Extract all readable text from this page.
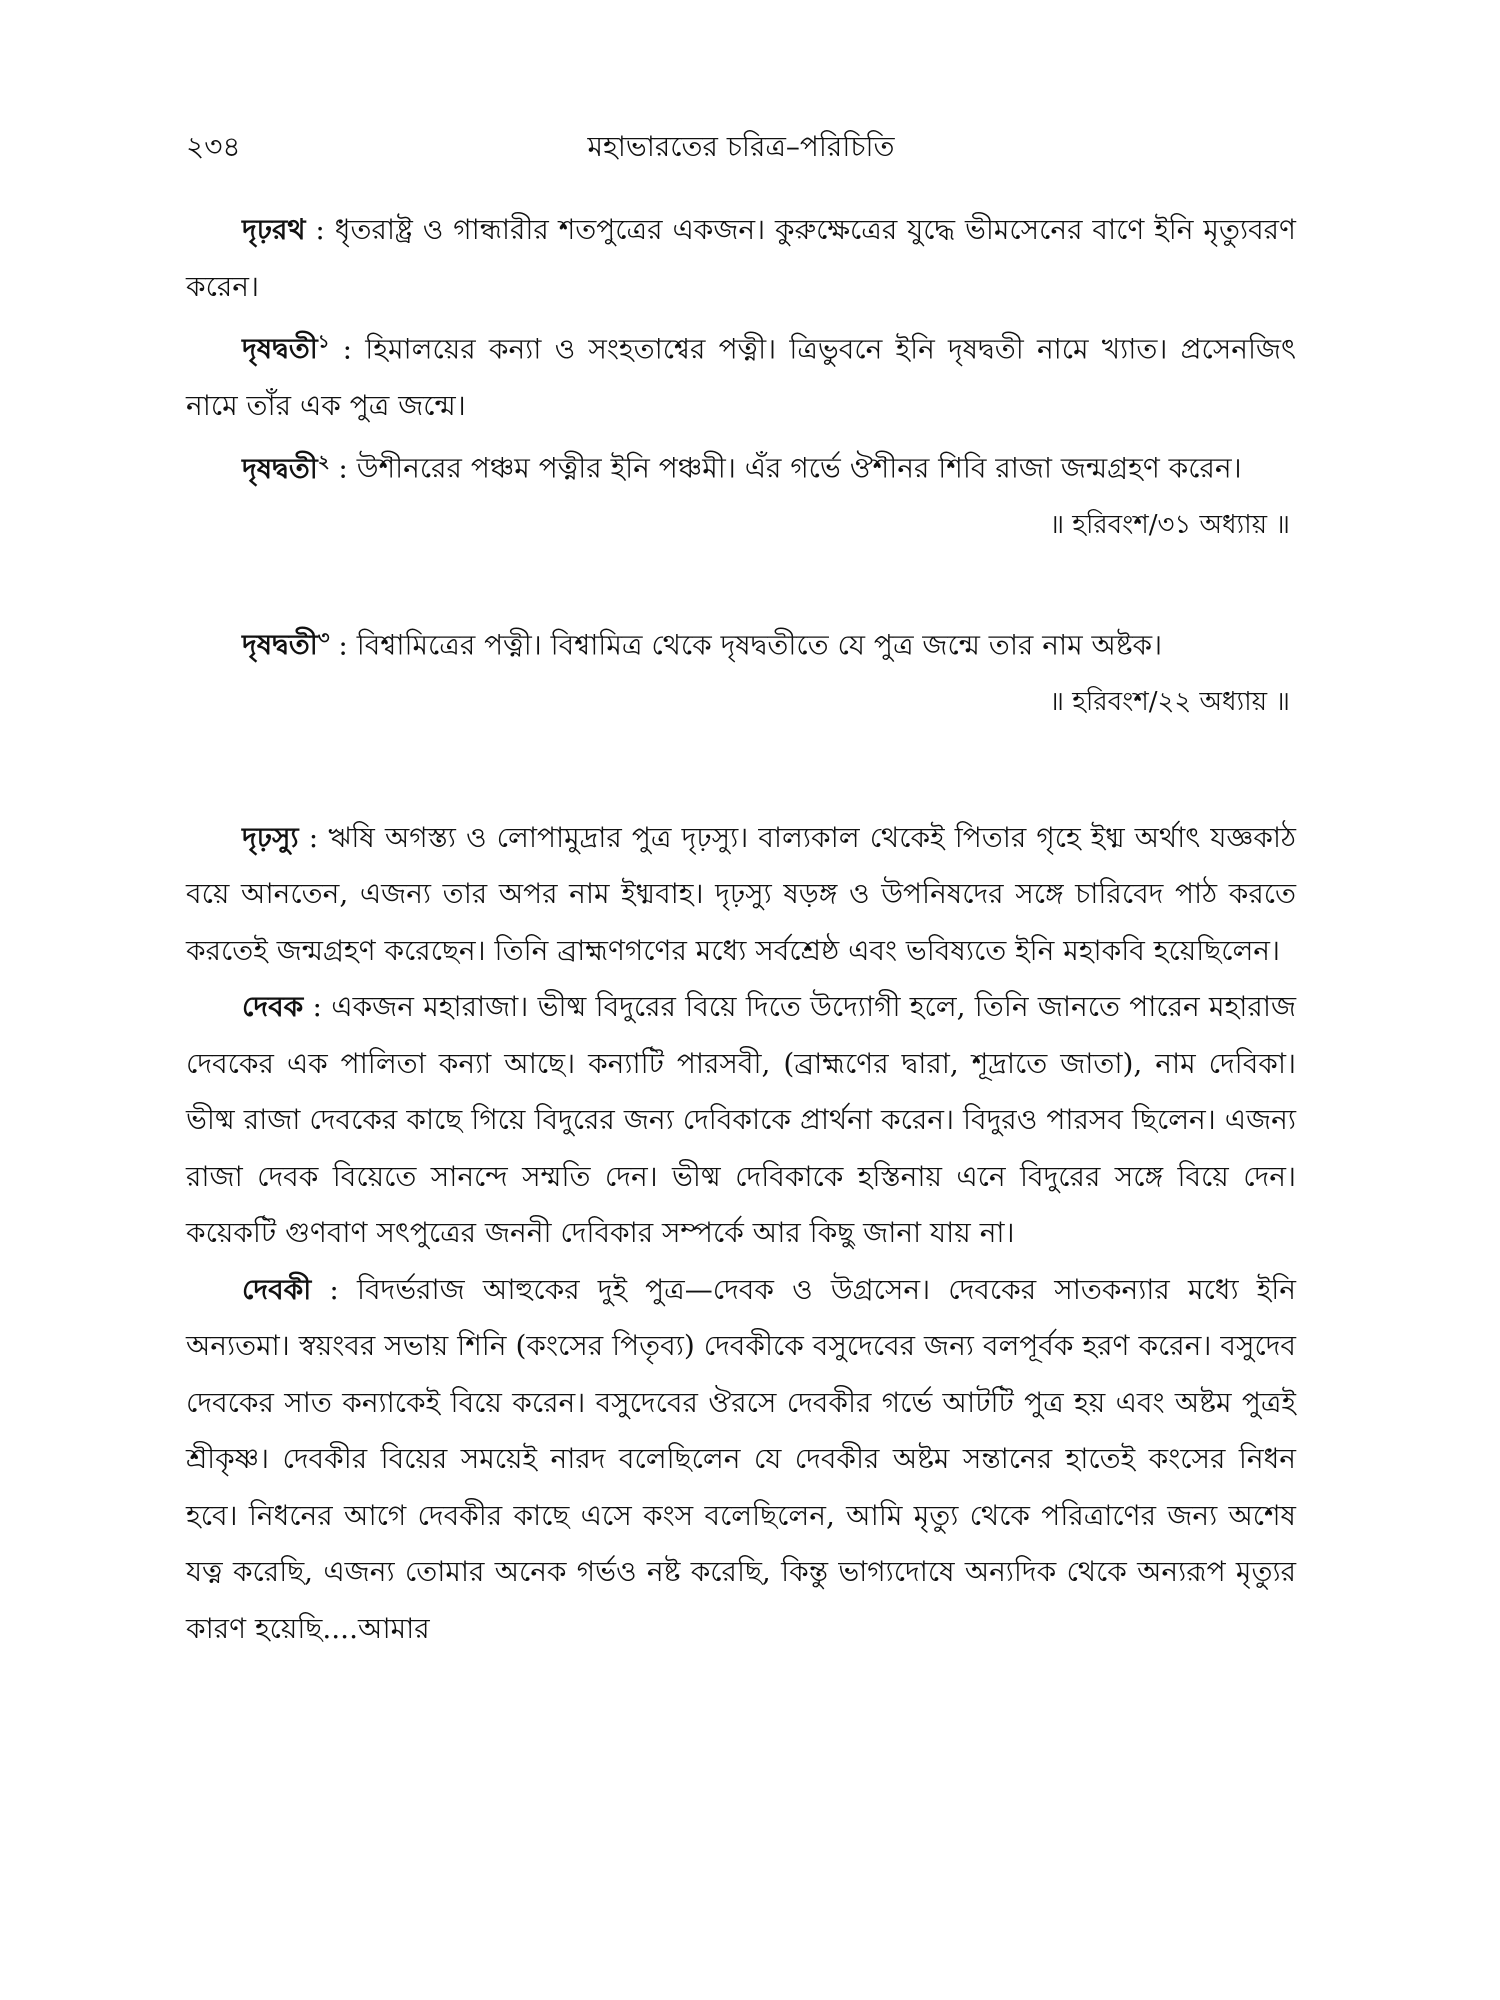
২৩৪	মহাভারতের চরিত্র–পরিচিতি

দৃঢ়রথ : ধৃতরাষ্ট্র ও গান্ধারীর শতপুত্রের একজন। কুরুক্ষেত্রের যুদ্ধে ভীমসেনের বাণে ইনি মৃত্যুবরণ করেন।

দৃষদ্বতী$^১$ : হিমালয়ের কন্যা ও সংহতাশ্বের পত্নী। ত্রিভুবনে ইনি দৃষদ্বতী নামে খ্যাত। প্রসেনজিৎ নামে তাঁর এক পুত্র জন্মে।

দৃষদ্বতী$^২$ : উশীনরের পঞ্চম পত্নীর ইনি পঞ্চমী। এঁর গর্ভে ঔশীনর শিবি রাজা জন্মগ্রহণ করেন।

॥ হরিবংশ/৩১ অধ্যায় ॥

দৃষদ্বতী$^৩$ : বিশ্বামিত্রের পত্নী। বিশ্বামিত্র থেকে দৃষদ্বতীতে যে পুত্র জন্মে তার নাম অষ্টক।

॥ হরিবংশ/২২ অধ্যায় ॥

দৃঢ়স্যু : ঋষি অগস্ত্য ও লোপামুদ্রার পুত্র দৃঢ়স্যু। বাল্যকাল থেকেই পিতার গৃহে ইধ্ম অর্থাৎ যজ্ঞকাঠ বয়ে আনতেন, এজন্য তার অপর নাম ইধ্মবাহ। দৃঢ়স্যু ষড়ঙ্গ ও উপনিষদের সঙ্গে চারিবেদ পাঠ করতে করতেই জন্মগ্রহণ করেছেন। তিনি ব্রাহ্মণগণের মধ্যে সর্বশ্রেষ্ঠ এবং ভবিষ্যতে ইনি মহাকবি হয়েছিলেন।

দেবক : একজন মহারাজা। ভীষ্ম বিদুরের বিয়ে দিতে উদ্যোগী হলে, তিনি জানতে পারেন মহারাজ দেবকের এক পালিতা কন্যা আছে। কন্যাটি পারসবী, (ব্রাহ্মণের দ্বারা, শূদ্রাতে জাতা), নাম দেবিকা। ভীষ্ম রাজা দেবকের কাছে গিয়ে বিদুরের জন্য দেবিকাকে প্রার্থনা করেন। বিদুরও পারসব ছিলেন। এজন্য রাজা দেবক বিয়েতে সানন্দে সম্মতি দেন। ভীষ্ম দেবিকাকে হস্তিনায় এনে বিদুরের সঙ্গে বিয়ে দেন। কয়েকটি গুণবাণ সৎপুত্রের জননী দেবিকার সম্পর্কে আর কিছু জানা যায় না।

দেবকী : বিদর্ভরাজ আহুকের দুই পুত্র—দেবক ও উগ্রসেন। দেবকের সাতকন্যার মধ্যে ইনি অন্যতমা। স্বয়ংবর সভায় শিনি (কংসের পিতৃব্য) দেবকীকে বসুদেবের জন্য বলপূর্বক হরণ করেন। বসুদেব দেবকের সাত কন্যাকেই বিয়ে করেন। বসুদেবের ঔরসে দেবকীর গর্ভে আটটি পুত্র হয় এবং অষ্টম পুত্রই শ্রীকৃষ্ণ। দেবকীর বিয়ের সময়েই নারদ বলেছিলেন যে দেবকীর অষ্টম সন্তানের হাতেই কংসের নিধন হবে। নিধনের আগে দেবকীর কাছে এসে কংস বলেছিলেন, আমি মৃত্যু থেকে পরিত্রাণের জন্য অশেষ যত্ন করেছি, এজন্য তোমার অনেক গর্ভও নষ্ট করেছি, কিন্তু ভাগ্যদোষে অন্যদিক থেকে অন্যরূপ মৃত্যুর কারণ হয়েছি....আমার
